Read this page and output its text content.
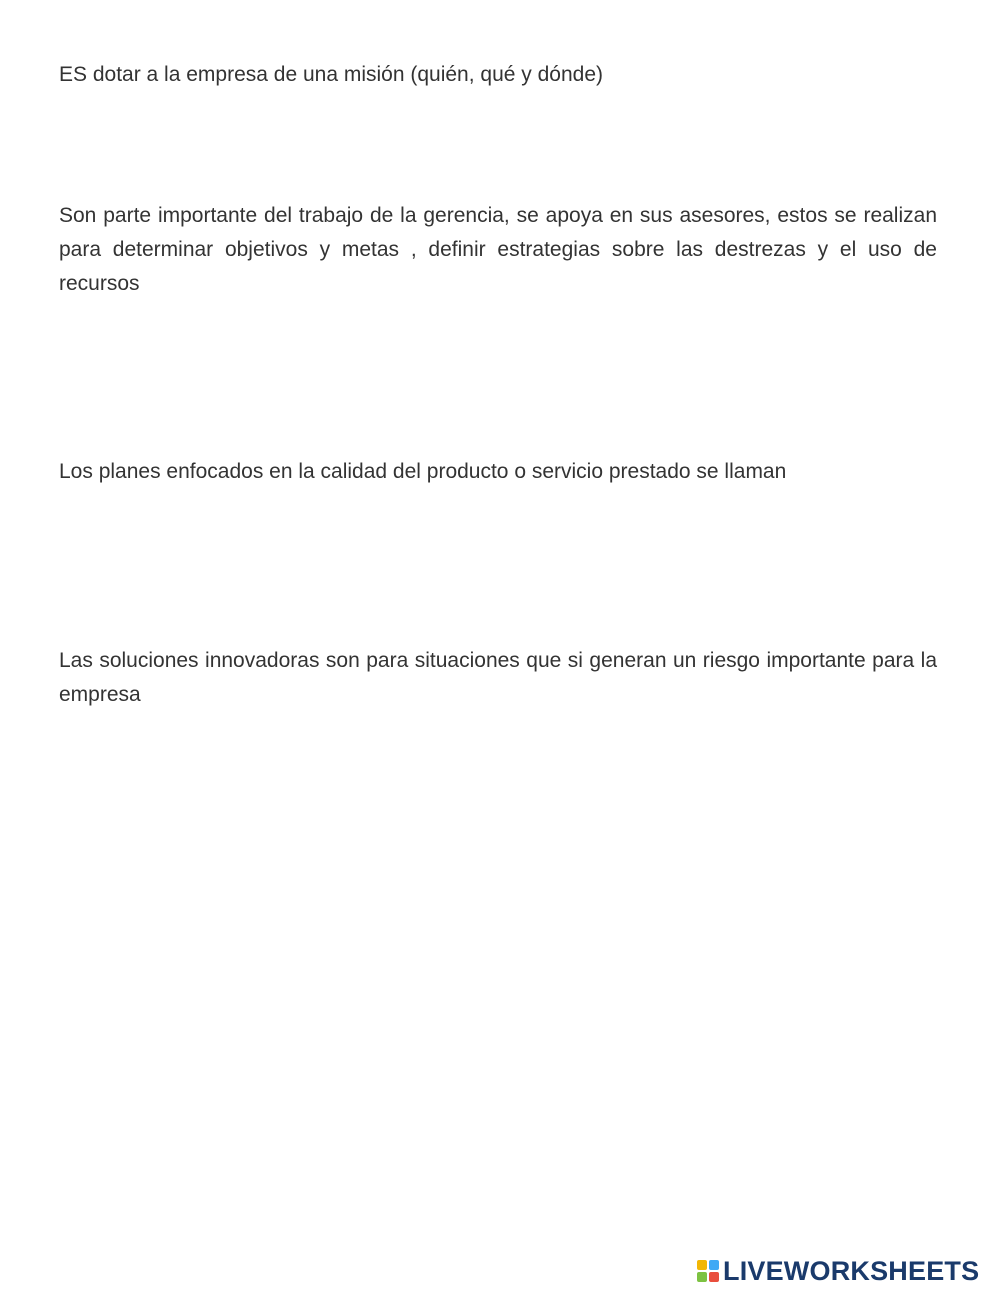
ES dotar a la empresa de una misión (quién, qué y dónde)

Son parte importante del trabajo de la gerencia, se apoya en sus asesores, estos se realizan para determinar objetivos y metas , definir estrategias sobre las destrezas y el uso de recursos

Los planes enfocados en la calidad del producto o servicio prestado se llaman

Las soluciones innovadoras son para situaciones que si generan un riesgo importante para la empresa

LIVEWORKSHEETS
